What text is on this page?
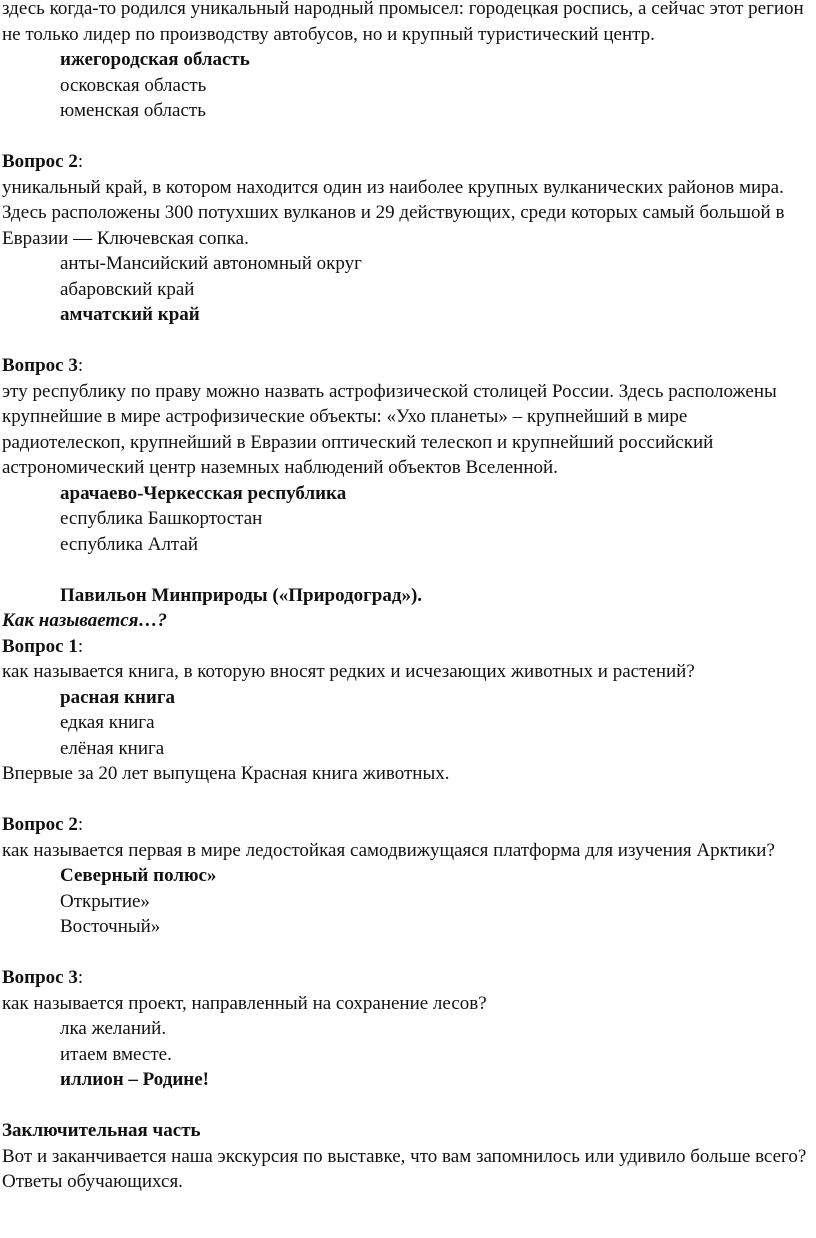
здесь когда-то родился уникальный народный промысел: городецкая роспись, а сейчас этот регион не только лидер по производству автобусов, но и крупный туристический центр.

ижегородская область

осковская область

юменская область

Вопрос 2:

уникальный край, в котором находится один из наиболее крупных вулканических районов мира. Здесь расположены 300 потухших вулканов и 29 действующих, среди которых самый большой в Евразии — Ключевская сопка.

анты-Мансийский автономный округ

абаровский край

амчатский край

Вопрос 3:

эту республику по праву можно назвать астрофизической столицей России. Здесь расположены крупнейшие в мире астрофизические объекты: «Ухо планеты» – крупнейший в мире радиотелескоп, крупнейший в Евразии оптический телескоп и крупнейший российский астрономический центр наземных наблюдений объектов Вселенной.

арачаево-Черкесская республика

еспублика Башкортостан

еспублика Алтай

Павильон Минприроды («Природоград»).

Как называется…?

Вопрос 1:

как называется книга, в которую вносят редких и исчезающих животных и растений?

расная книга

едкая книга

елёная книга

Впервые за 20 лет выпущена Красная книга животных.

Вопрос 2:

как называется первая в мире ледостойкая самодвижущаяся платформа для изучения Арктики?

Северный полюс»

Открытие»

Восточный»

Вопрос 3:

как называется проект, направленный на сохранение лесов?

лка желаний.

итаем вместе.

иллион – Родине!

Заключительная часть

Вот и заканчивается наша экскурсия по выставке, что вам запомнилось или удивило больше всего?

Ответы обучающихся.
